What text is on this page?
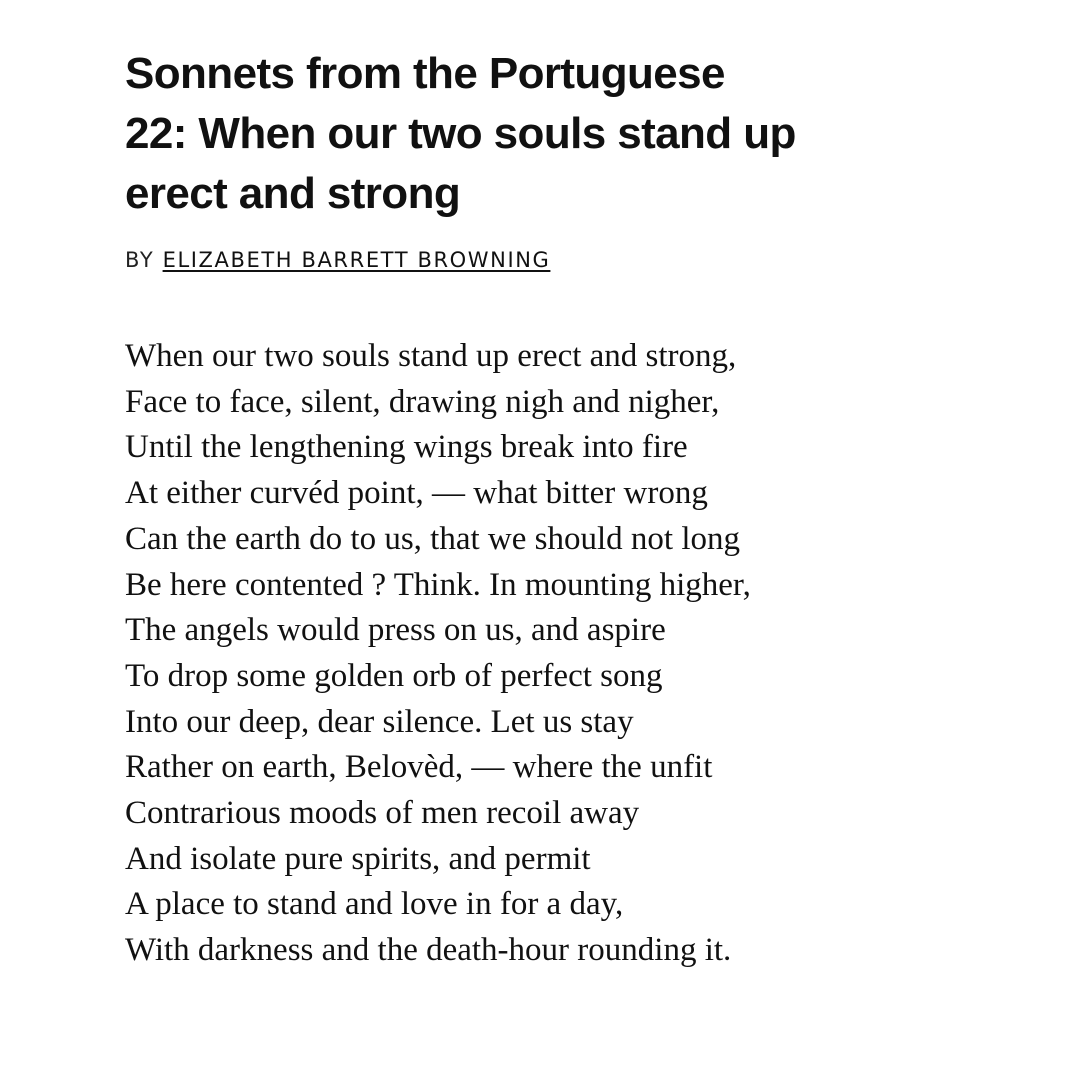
Sonnets from the Portuguese
22: When our two souls stand up
erect and strong
BY ELIZABETH BARRETT BROWNING
When our two souls stand up erect and strong,
Face to face, silent, drawing nigh and nigher,
Until the lengthening wings break into fire
At either curvéd point, — what bitter wrong
Can the earth do to us, that we should not long
Be here contented ? Think. In mounting higher,
The angels would press on us, and aspire
To drop some golden orb of perfect song
Into our deep, dear silence. Let us stay
Rather on earth, Belovèd, — where the unfit
Contrarious moods of men recoil away
And isolate pure spirits, and permit
A place to stand and love in for a day,
With darkness and the death-hour rounding it.
